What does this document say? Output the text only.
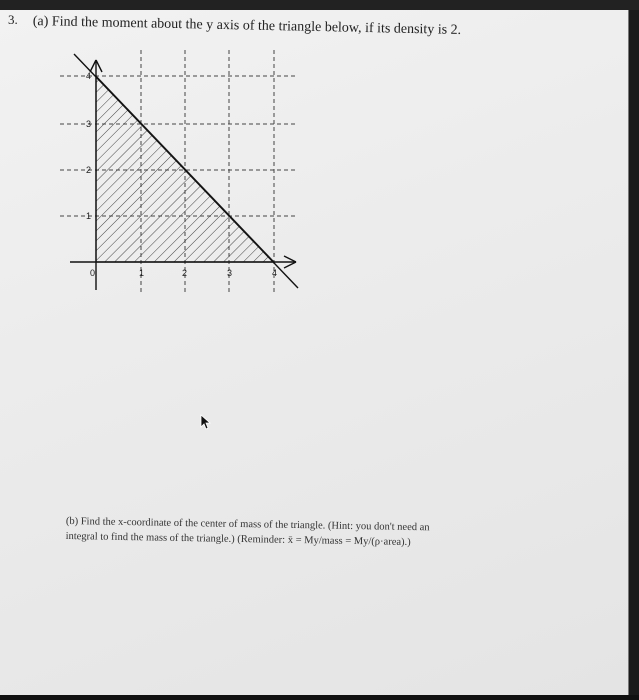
3. (a) Find the moment about the y axis of the triangle below, if its density is 2.
4
3
2
1
0	1	2	3	4
(b) Find the x-coordinate of the center of mass of the triangle. (Hint: you don't need an
integral to find the mass of the triangle.) (Reminder: x̄ = My/mass = My/(ρ·area).)
